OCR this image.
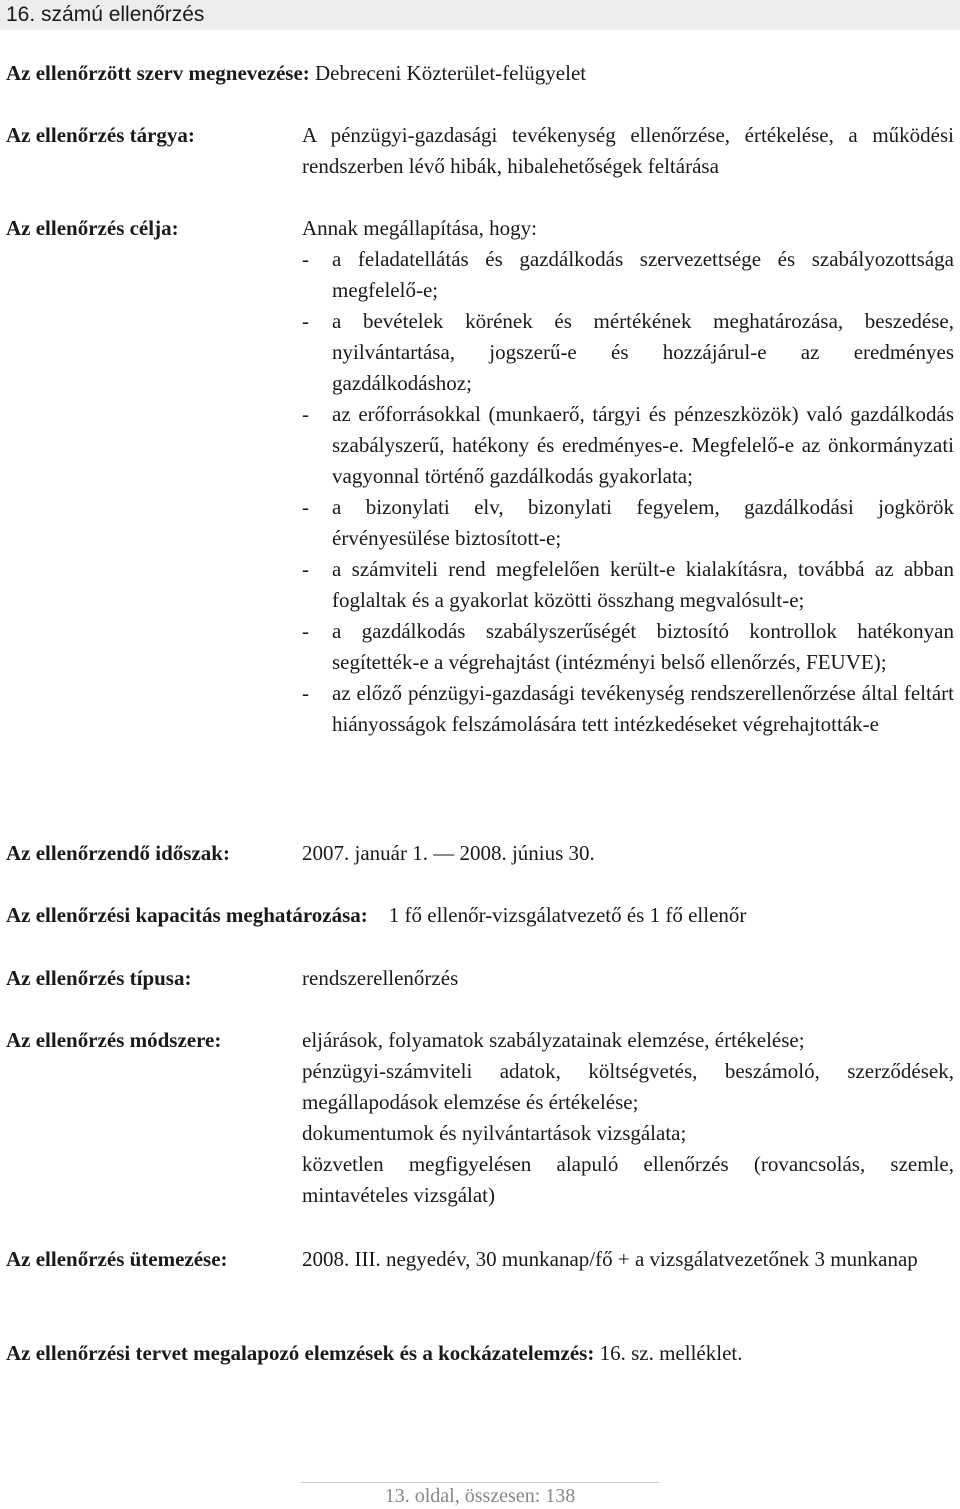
16. számú ellenőrzés
Az ellenőrzött szerv megnevezése: Debreceni Közterület-felügyelet
Az ellenőrzés tárgya:	A pénzügyi-gazdasági tevékenység ellenőrzése, értékelése, a működési rendszerben lévő hibák, hibalehetőségek feltárása
Az ellenőrzés célja:	Annak megállapítása, hogy:
- a feladatellátás és gazdálkodás szervezettsége és szabályozottsága megfelelő-e;
- a bevételek körének és mértékének meghatározása, beszedése, nyilvántartása, jogszerű-e és hozzájárul-e az eredményes gazdálkodáshoz;
- az erőforrásokkal (munkaerő, tárgyi és pénzeszközök) való gazdálkodás szabályszerű, hatékony és eredményes-e. Megfelelő-e az önkormányzati vagyonnal történő gazdálkodás gyakorlata;
- a bizonylati elv, bizonylati fegyelem, gazdálkodási jogkörök érvényesülése biztosított-e;
- a számviteli rend megfelelően került-e kialakításra, továbbá az abban foglaltak és a gyakorlat közötti összhang megvalósult-e;
- a gazdálkodás szabályszerűségét biztosító kontrollok hatékonyan segítették-e a végrehajtást (intézményi belső ellenőrzés, FEUVE);
- az előző pénzügyi-gazdasági tevékenység rendszerellenőrzése által feltárt hiányosságok felszámolására tett intézkedéseket végrehajtották-e
Az ellenőrzendő időszak:	2007. január 1. — 2008. június 30.
Az ellenőrzési kapacitás meghatározása: 1 fő ellenőr-vizsgálatvezető és 1 fő ellenőr
Az ellenőrzés típusa:	rendszerellenőrzés
Az ellenőrzés módszere:	eljárások, folyamatok szabályzatainak elemzése, értékelése;
pénzügyi-számviteli adatok, költségvetés, beszámoló, szerződések, megállapodások elemzése és értékelése;
dokumentumok és nyilvántartások vizsgálata;
közvetlen megfigyelésen alapuló ellenőrzés (rovancsolás, szemle, mintavételes vizsgálat)
Az ellenőrzés ütemezése:	2008. III. negyedév, 30 munkanap/fő + a vizsgálatvezetőnek 3 munkanap
Az ellenőrzési tervet megalapozó elemzések és a kockázatelemzés: 16. sz. melléklet.
13. oldal, összesen: 138
